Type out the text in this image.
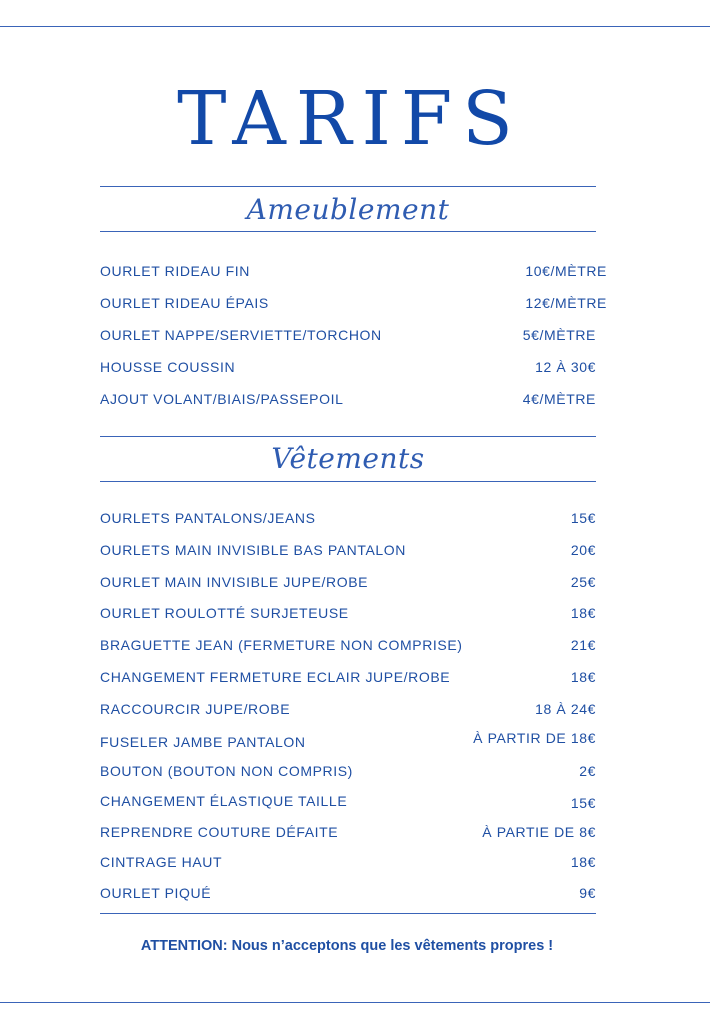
TARIFS
Ameublement
OURLET RIDEAU FIN	10€/MÈTRE
OURLET RIDEAU ÉPAIS	12€/MÈTRE
OURLET NAPPE/SERVIETTE/TORCHON	5€/MÈTRE
HOUSSE COUSSIN	12 À 30€
AJOUT VOLANT/BIAIS/PASSEPOIL	4€/MÈTRE
Vêtements
OURLETS PANTALONS/JEANS	15€
OURLETS MAIN INVISIBLE BAS PANTALON	20€
OURLET MAIN INVISIBLE JUPE/ROBE	25€
OURLET ROULOTTÉ SURJETEUSE	18€
BRAGUETTE JEAN (FERMETURE NON COMPRISE)	21€
CHANGEMENT FERMETURE ECLAIR JUPE/ROBE	18€
RACCOURCIR JUPE/ROBE	18 À 24€
FUSELER JAMBE PANTALON	À PARTIR DE 18€
BOUTON (BOUTON NON COMPRIS)	2€
CHANGEMENT ÉLASTIQUE TAILLE	15€
REPRENDRE COUTURE DÉFAITE	À PARTIE DE 8€
CINTRAGE HAUT	18€
OURLET PIQUÉ	9€
ATTENTION: Nous n’acceptons que les vêtements propres !
